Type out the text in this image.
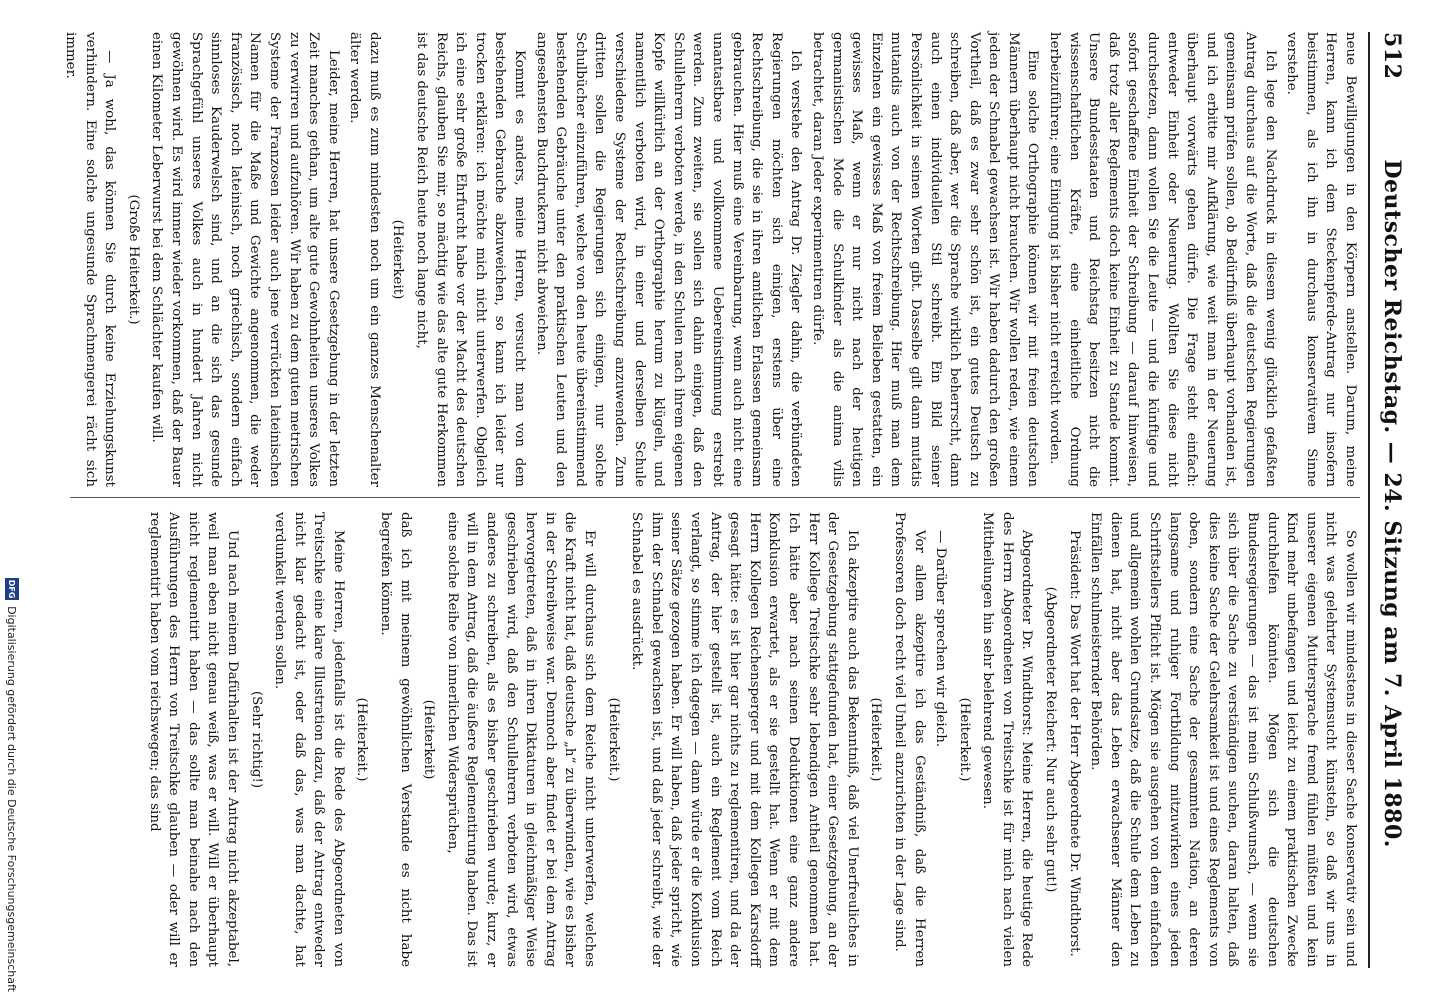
512
Deutscher Reichstag. — 24. Sitzung am 7. April 1880.

neue Bewilligungen in den Körpern anstellen. Darum, meine Herren, kann ich dem Steckenpferde-Antrag nur insofern beistimmen, als ich ihn in durchaus konservativem Sinne verstehe.

Ich lege den Nachdruck in diesem wenig glücklich gefaßten Antrag durchaus auf die Worte, daß die deutschen Regierungen gemeinsam prüfen sollen, ob Bedürfniß überhaupt vorhanden ist, und ich erbitte mir Aufklärung, wie weit man in der Neuerung überhaupt vorwärts gehen dürfe. Die Frage steht einfach: entweder Einheit oder Neuerung. Wollten Sie diese nicht durchsetzen, dann wollen Sie die Leute — und die künftige und sofort geschaffene Einheit der Schreibung — darauf hinweisen, daß trotz aller Reglements doch keine Einheit zu Stande kommt. Unsere Bundesstaaten und Reichstag besitzen nicht die wissenschaftlichen Kräfte, eine einheitliche Ordnung herbeizuführen; eine Einigung ist bisher nicht erreicht worden.

Eine solche Orthographie können wir mit freien deutschen Männern überhaupt nicht brauchen. Wir wollen reden, wie einem jeden der Schnabel gewachsen ist. Wir haben dadurch den großen Vortheil, daß es zwar sehr schön ist, ein gutes Deutsch zu schreiben, daß aber, wer die Sprache wirklich beherrscht, dann auch einen individuellen Stil schreibt. Ein Bild seiner Persönlichkeit in seinen Worten gibt. Dasselbe gilt dann mutatis mutandis auch von der Rechtschreibung. Hier muß man dem Einzelnen ein gewisses Maß von freiem Belieben gestatten, ein gewisses Maß, wenn er nur nicht nach der heutigen germanistischen Mode die Schulkinder als die anima vilis betrachtet, daran Jeder experimentiren dürfe.

Ich verstehe den Antrag Dr. Ziegler dahin, die verbündeten Regierungen möchten sich einigen, erstens über eine Rechtschreibung, die sie in ihren amtlichen Erlassen gemeinsam gebrauchen. Hier muß eine Vereinbarung, wenn auch nicht eine unantastbare und vollkommene Uebereinstimmung erstrebt werden. Zum zweiten, sie sollen sich dahin einigen, daß den Schullehrern verboten werde, in den Schulen nach ihrem eigenen Kopfe willkürlich an der Orthographie herum zu klügeln, und namentlich verboten wird, in einer und derselben Schule verschiedene Systeme der Rechtschreibung anzuwenden. Zum dritten sollen die Regierungen sich einigen, nur solche Schulbücher einzuführen, welche von den heute übereinstimmend bestehenden Gebräuche unter den praktischen Leuten und den angesehensten Buchdruckern nicht abweichen.

Kommt es anders, meine Herren, versucht man von dem bestehenden Gebrauche abzuweichen, so kann ich leider nur trocken erklären: ich möchte mich nicht unterwerfen. Obgleich ich eine sehr große Ehrfurcht habe vor der Macht des deutschen Reichs, glauben Sie mir, so mächtig wie das alte gute Herkommen ist das deutsche Reich heute noch lange nicht,

(Heiterkeit)

dazu muß es zum mindesten noch um ein ganzes Menschenalter älter werden.

Leider, meine Herren, hat unsere Gesetzgebung in der letzten Zeit manches gethan, um alte gute Gewohnheiten unseres Volkes zu verwirren und aufzuhören. Wir haben zu dem guten metrischen Systeme der Franzosen leider auch jene verrückten lateinischen Namen für die Maße und Gewichte angenommen, die weder französisch, noch lateinisch, noch griechisch, sondern einfach sinnloses Kauderwelsch sind, und an die sich das gesunde Sprachgefühl unseres Volkes auch in hundert Jahren nicht gewöhnen wird. Es wird immer wieder vorkommen, daß der Bauer einen Kilometer Leberwurst bei dem Schlächter kaufen will.

(Große Heiterkeit.)

— Ja wohl, das können Sie durch keine Erziehungskunst verhindern. Eine solche ungesunde Sprachmengerei rächt sich immer.

So wollen wir mindestens in dieser Sache konservativ sein und nicht was gelehrter Systemsucht künsteln, so daß wir uns in unserer eigenen Muttersprache fremd fühlen müßten und kein Kind mehr unbefangen und leicht zu einem praktischen Zwecke durchhelfen könnten. Mögen sich die deutschen Bundesregierungen — das ist mein Schlußwunsch, — wenn sie sich über die Sache zu verständigen suchen, daran halten, daß dies keine Sache der Gelehrsamkeit ist und eines Reglements von oben, sondern eine Sache der gesammten Nation, an deren langsame und ruhiger Fortbildung mitzuwirken eines jeden Schriftstellers Pflicht ist. Mögen sie ausgehen von dem einfachen und allgemein wohlen Grundsatze, daß die Schule dem Leben zu dienen hat, nicht aber das Leben erwachsener Männer den Einfällen schulmeisternder Behörden.

Präsident: Das Wort hat der Herr Abgeordnete Dr. Windthorst.

(Abgeordneter Reichert: Nur auch sehr gut!)

Abgeordneter Dr. Windthorst: Meine Herren, die heutige Rede des Herrn Abgeordneten von Treitschke ist für mich nach vielen Mittheilungen hin sehr belehrend gewesen.

(Heiterkeit.)

— Darüber sprechen wir gleich.

Vor allem akzeptire ich das Geständniß, daß die Herren Professoren doch recht viel Unheil anzurichten in der Lage sind.

(Heiterkeit.)

Ich akzeptire auch das Bekenntniß, daß viel Unerfreuliches in der Gesetzgebung stattgefunden hat, einer Gesetzgebung, an der Herr Kollege Treitschke sehr lebendigen Antheil genommen hat. Ich hätte aber nach seinen Deduktionen eine ganz andere Konklusion erwartet, als er sie gestellt hat. Wenn er mit dem Herrn Kollegen Reichensperger und mit dem Kollegen Karsdorff gesagt hätte: es ist hier gar nichts zu reglementiren, und da der Antrag, der hier gestellt ist, auch ein Reglement vom Reich verlangt, so stimme ich dagegen — dann würde er die Konklusion seiner Sätze gezogen haben. Er will haben, daß jeder spricht, wie ihm der Schnabel gewachsen ist, und daß jeder schreibt, wie der Schnabel es ausdrückt.

(Heiterkeit.)

Er will durchaus sich dem Reiche nicht unterwerfen, welches die Kraft nicht hat, daß deutsche „h“ zu überwinden, wie es bisher in der Schreibweise war. Dennoch aber findet er bei dem Antrag hervorgetreten, daß in ihren Diktaturen in gleichmäßiger Weise geschrieben wird, daß den Schullehrern verboten wird, etwas anderes zu schreiben, als es bisher geschrieben wurde; kurz, er will in dem Antrag, daß die äußere Reglementirung haben. Das ist eine solche Reihe von innerlichen Widersprüchen,

(Heiterkeit)

daß ich mit meinem gewöhnlichen Verstande es nicht habe begreifen können.

(Heiterkeit.)

Meine Herren, jedenfalls ist die Rede des Abgeordneten von Treitschke eine klare Illustration dazu, daß der Antrag entweder nicht klar gedacht ist, oder daß das, was man dachte, hat verdunkelt werden sollen.

(Sehr richtig!)

Und nach meinem Dafürhalten ist der Antrag nicht akzeptabel, weil man eben nicht genau weiß, was er will. Will er überhaupt nicht reglementirt haben — das sollte man beinahe nach den Ausführungen des Herrn von Treitschke glauben — oder will er reglementirt haben vom reichswegen; das sind

DFG
Digitalisierung gefördert durch die Deutsche Forschungsgemeinschaft
